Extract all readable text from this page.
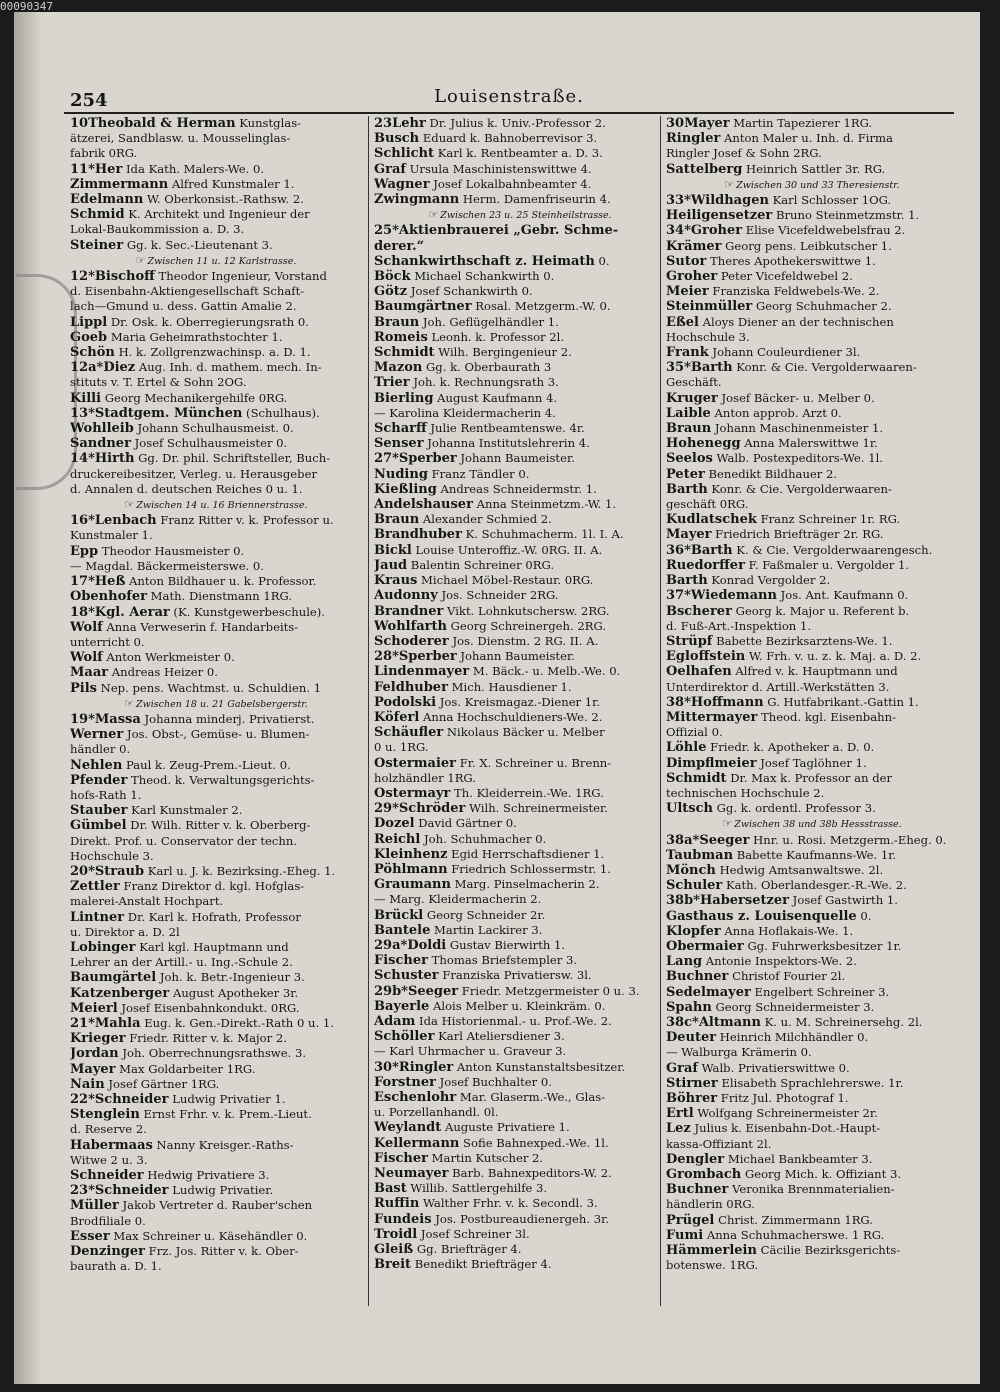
254	Louisenstraße.
10Theobald & Herman Kunstglas-
ätzerei, Sandblasw. u. Mousselinglas-
fabrik 0RG.
11*Her Ida Kath. Malers-We. 0.
Zimmermann Alfred Kunstmaler 1.
Edelmann W. Oberkonsist.-Rathsw. 2.
Schmid K. Architekt und Ingenieur der
Lokal-Baukommission a. D. 3.
Steiner Gg. k. Sec.-Lieutenant 3.
☞ Zwischen 11 u. 12 Karlstrasse.
12*Bischoff Theodor Ingenieur, Vorstand
d. Eisenbahn-Aktiengesellschaft Schaft-
lach—Gmund u. dess. Gattin Amalie 2.
Lippl Dr. Osk. k. Oberregierungsrath 0.
Goeb Maria Geheimrathstochter 1.
Schön H. k. Zollgrenzwachinsp. a. D. 1.
12a*Diez Aug. Inh. d. mathem. mech. In-
stituts v. T. Ertel & Sohn 2OG.
Killi Georg Mechanikergehilfe 0RG.
13*Stadtgem. München (Schulhaus).
Wohlleib Johann Schulhausmeist. 0.
Sandner Josef Schulhausmeister 0.
14*Hirth Gg. Dr. phil. Schriftsteller, Buch-
druckereibesitzer, Verleg. u. Herausgeber
d. Annalen d. deutschen Reiches 0 u. 1.
☞ Zwischen 14 u. 16 Briennerstrasse.
16*Lenbach Franz Ritter v. k. Professor u.
Kunstmaler 1.
Epp Theodor Hausmeister 0.
— Magdal. Bäckermeisterswe. 0.
17*Heß Anton Bildhauer u. k. Professor.
Obenhofer Math. Dienstmann 1RG.
18*Kgl. Aerar (K. Kunstgewerbeschule).
Wolf Anna Verweserin f. Handarbeits-
unterricht 0.
Wolf Anton Werkmeister 0.
Maar Andreas Heizer 0.
Pils Nep. pens. Wachtmst. u. Schuldien. 1
☞ Zwischen 18 u. 21 Gabelsbergerstr.
19*Massa Johanna minderj. Privatierst.
Werner Jos. Obst-, Gemüse- u. Blumen-
händler 0.
Nehlen Paul k. Zeug-Prem.-Lieut. 0.
Pfender Theod. k. Verwaltungsgerichts-
hofs-Rath 1.
Stauber Karl Kunstmaler 2.
Gümbel Dr. Wilh. Ritter v. k. Oberberg-
Direkt. Prof. u. Conservator der techn.
Hochschule 3.
20*Straub Karl u. J. k. Bezirksing.-Eheg. 1.
Zettler Franz Direktor d. kgl. Hofglas-
malerei-Anstalt Hochpart.
Lintner Dr. Karl k. Hofrath, Professor
u. Direktor a. D. 2l
Lobinger Karl kgl. Hauptmann und
Lehrer an der Artill.- u. Ing.-Schule 2.
Baumgärtel Joh. k. Betr.-Ingenieur 3.
Katzenberger August Apotheker 3r.
Meierl Josef Eisenbahnkondukt. 0RG.
21*Mahla Eug. k. Gen.-Direkt.-Rath 0 u. 1.
Krieger Friedr. Ritter v. k. Major 2.
Jordan Joh. Oberrechnungsrathswe. 3.
Mayer Max Goldarbeiter 1RG.
Nain Josef Gärtner 1RG.
22*Schneider Ludwig Privatier 1.
Stenglein Ernst Frhr. v. k. Prem.-Lieut.
d. Reserve 2.
Habermaas Nanny Kreisger.-Raths-
Witwe 2 u. 3.
Schneider Hedwig Privatiere 3.
23*Schneider Ludwig Privatier.
Müller Jakob Vertreter d. Rauber'schen
Brodfiliale 0.
Esser Max Schreiner u. Käsehändler 0.
Denzinger Frz. Jos. Ritter v. k. Ober-
baurath a. D. 1.
23Lehr Dr. Julius k. Univ.-Professor 2.
Busch Eduard k. Bahnoberrevisor 3.
Schlicht Karl k. Rentbeamter a. D. 3.
Graf Ursula Maschinistenswittwe 4.
Wagner Josef Lokalbahnbeamter 4.
Zwingmann Herm. Damenfriseurin 4.
☞ Zwischen 23 u. 25 Steinheilstrasse.
25*Aktienbrauerei „Gebr. Schme-
derer.“
Schankwirthschaft z. Heimath 0.
Böck Michael Schankwirth 0.
Götz Josef Schankwirth 0.
Baumgärtner Rosal. Metzgerm.-W. 0.
Braun Joh. Geflügelhändler 1.
Romeis Leonh. k. Professor 2l.
Schmidt Wilh. Bergingenieur 2.
Mazon Gg. k. Oberbaurath 3
Trier Joh. k. Rechnungsrath 3.
Bierling August Kaufmann 4.
— Karolina Kleidermacherin 4.
Scharff Julie Rentbeamtenswe. 4r.
Senser Johanna Institutslehrerin 4.
27*Sperber Johann Baumeister.
Nuding Franz Tändler 0.
Kießling Andreas Schneidermstr. 1.
Andelshauser Anna Steinmetzm.-W. 1.
Braun Alexander Schmied 2.
Brandhuber K. Schuhmacherm. 1l. I. A.
Bickl Louise Unteroffiz.-W. 0RG. II. A.
Jaud Balentin Schreiner 0RG.
Kraus Michael Möbel-Restaur. 0RG.
Audonny Jos. Schneider 2RG.
Brandner Vikt. Lohnkutschersw. 2RG.
Wohlfarth Georg Schreinergeh. 2RG.
Schoderer Jos. Dienstm. 2 RG. II. A.
28*Sperber Johann Baumeister.
Lindenmayer M. Bäck.- u. Melb.-We. 0.
Feldhuber Mich. Hausdiener 1.
Podolski Jos. Kreismagaz.-Diener 1r.
Köferl Anna Hochschuldieners-We. 2.
Schäufler Nikolaus Bäcker u. Melber
0 u. 1RG.
Ostermaier Fr. X. Schreiner u. Brenn-
holzhändler 1RG.
Ostermayr Th. Kleiderrein.-We. 1RG.
29*Schröder Wilh. Schreinermeister.
Dozel David Gärtner 0.
Reichl Joh. Schuhmacher 0.
Kleinhenz Egid Herrschaftsdiener 1.
Pöhlmann Friedrich Schlossermstr. 1.
Graumann Marg. Pinselmacherin 2.
— Marg. Kleidermacherin 2.
Brückl Georg Schneider 2r.
Bantele Martin Lackirer 3.
29a*Doldi Gustav Bierwirth 1.
Fischer Thomas Briefstempler 3.
Schuster Franziska Privatiersw. 3l.
29b*Seeger Friedr. Metzgermeister 0 u. 3.
Bayerle Alois Melber u. Kleinkräm. 0.
Adam Ida Historienmal.- u. Prof.-We. 2.
Schöller Karl Ateliersdiener 3.
— Karl Uhrmacher u. Graveur 3.
30*Ringler Anton Kunstanstaltsbesitzer.
Forstner Josef Buchhalter 0.
Eschenlohr Mar. Glaserm.-We., Glas-
u. Porzellanhandl. 0l.
Weylandt Auguste Privatiere 1.
Kellermann Sofie Bahnexped.-We. 1l.
Fischer Martin Kutscher 2.
Neumayer Barb. Bahnexpeditors-W. 2.
Bast Willib. Sattlergehilfe 3.
Ruffin Walther Frhr. v. k. Secondl. 3.
Fundeis Jos. Postbureaudienergeh. 3r.
Troidl Josef Schreiner 3l.
Gleiß Gg. Briefträger 4.
Breit Benedikt Briefträger 4.
30Mayer Martin Tapezierer 1RG.
Ringler Anton Maler u. Inh. d. Firma
Ringler Josef & Sohn 2RG.
Sattelberg Heinrich Sattler 3r. RG.
☞ Zwischen 30 und 33 Theresienstr.
33*Wildhagen Karl Schlosser 1OG.
Heiligensetzer Bruno Steinmetzmstr. 1.
34*Groher Elise Vicefeldwebelsfrau 2.
Krämer Georg pens. Leibkutscher 1.
Sutor Theres Apothekerswittwe 1.
Groher Peter Vicefeldwebel 2.
Meier Franziska Feldwebels-We. 2.
Steinmüller Georg Schuhmacher 2.
Eßel Aloys Diener an der technischen
Hochschule 3.
Frank Johann Couleurdiener 3l.
35*Barth Konr. & Cie. Vergolderwaaren-
Geschäft.
Kruger Josef Bäcker- u. Melber 0.
Laible Anton approb. Arzt 0.
Braun Johann Maschinenmeister 1.
Hohenegg Anna Malerswittwe 1r.
Seelos Walb. Postexpeditors-We. 1l.
Peter Benedikt Bildhauer 2.
Barth Konr. & Cie. Vergolderwaaren-
geschäft 0RG.
Kudlatschek Franz Schreiner 1r. RG.
Mayer Friedrich Briefträger 2r. RG.
36*Barth K. & Cie. Vergolderwaarengesch.
Ruedorffer F. Faßmaler u. Vergolder 1.
Barth Konrad Vergolder 2.
37*Wiedemann Jos. Ant. Kaufmann 0.
Bscherer Georg k. Major u. Referent b.
d. Fuß-Art.-Inspektion 1.
Strüpf Babette Bezirksarztens-We. 1.
Egloffstein W. Frh. v. u. z. k. Maj. a. D. 2.
Oelhafen Alfred v. k. Hauptmann und
Unterdirektor d. Artill.-Werkstätten 3.
38*Hoffmann G. Hutfabrikant.-Gattin 1.
Mittermayer Theod. kgl. Eisenbahn-
Offizial 0.
Löhle Friedr. k. Apotheker a. D. 0.
Dimpflmeier Josef Taglöhner 1.
Schmidt Dr. Max k. Professor an der
technischen Hochschule 2.
Ultsch Gg. k. ordentl. Professor 3.
☞ Zwischen 38 und 38b Hessstrasse.
38a*Seeger Hnr. u. Rosi. Metzgerm.-Eheg. 0.
Taubman Babette Kaufmanns-We. 1r.
Mönch Hedwig Amtsanwaltswe. 2l.
Schuler Kath. Oberlandesger.-R.-We. 2.
38b*Habersetzer Josef Gastwirth 1.
Gasthaus z. Louisenquelle 0.
Klopfer Anna Hoflakais-We. 1.
Obermaier Gg. Fuhrwerksbesitzer 1r.
Lang Antonie Inspektors-We. 2.
Buchner Christof Fourier 2l.
Sedelmayer Engelbert Schreiner 3.
Spahn Georg Schneidermeister 3.
38c*Altmann K. u. M. Schreinersehg. 2l.
Deuter Heinrich Milchhändler 0.
— Walburga Krämerin 0.
Graf Walb. Privatierswittwe 0.
Stirner Elisabeth Sprachlehrerswe. 1r.
Böhrer Fritz Jul. Photograf 1.
Ertl Wolfgang Schreinermeister 2r.
Lez Julius k. Eisenbahn-Dot.-Haupt-
kassa-Offiziant 2l.
Dengler Michael Bankbeamter 3.
Grombach Georg Mich. k. Offiziant 3.
Buchner Veronika Brennmaterialien-
händlerin 0RG.
Prügel Christ. Zimmermann 1RG.
Fumi Anna Schuhmacherswe. 1 RG.
Hämmerlein Cäcilie Bezirksgerichts-
botenswe. 1RG.
00090347
